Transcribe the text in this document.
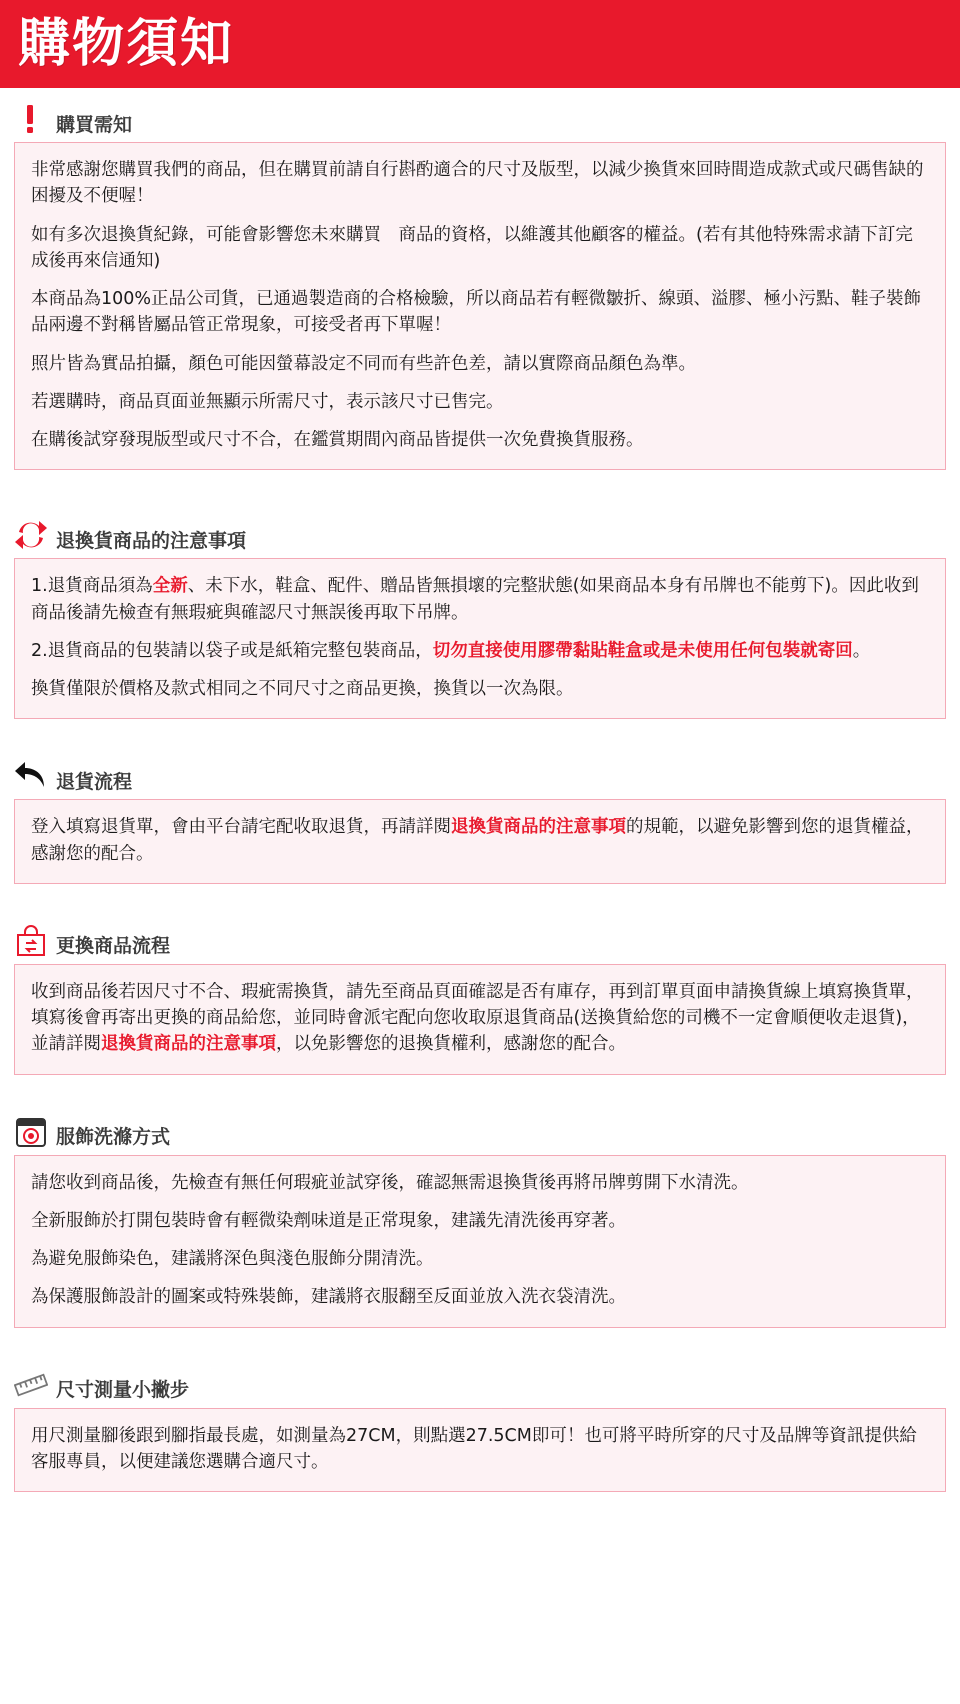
購物須知
購買需知

非常感謝您購買我們的商品，但在購買前請自行斟酌適合的尺寸及版型，以減少換貨來回時間造成款式或尺碼售缺的困擾及不便喔！

如有多次退換貨紀錄，可能會影響您未來購買　商品的資格，以維護其他顧客的權益。(若有其他特殊需求請下訂完成後再來信通知)

本商品為100%正品公司貨，已通過製造商的合格檢驗，所以商品若有輕微皺折、線頭、溢膠、極小污點、鞋子裝飾品兩邊不對稱皆屬品管正常現象，可接受者再下單喔！

照片皆為實品拍攝，顏色可能因螢幕設定不同而有些許色差，請以實際商品顏色為準。

若選購時，商品頁面並無顯示所需尺寸，表示該尺寸已售完。

在購後試穿發現版型或尺寸不合，在鑑賞期間內商品皆提供一次免費換貨服務。

退換貨商品的注意事項

1.退貨商品須為全新、未下水，鞋盒、配件、贈品皆無損壞的完整狀態(如果商品本身有吊牌也不能剪下)。因此收到商品後請先檢查有無瑕疵與確認尺寸無誤後再取下吊牌。

2.退貨商品的包裝請以袋子或是紙箱完整包裝商品，切勿直接使用膠帶黏貼鞋盒或是未使用任何包裝就寄回。

換貨僅限於價格及款式相同之不同尺寸之商品更換，換貨以一次為限。

退貨流程

登入填寫退貨單，會由平台請宅配收取退貨，再請詳閱退換貨商品的注意事項的規範，以避免影響到您的退貨權益，感謝您的配合。

更換商品流程

收到商品後若因尺寸不合、瑕疵需換貨，請先至商品頁面確認是否有庫存，再到訂單頁面申請換貨線上填寫換貨單，填寫後會再寄出更換的商品給您，並同時會派宅配向您收取原退貨商品(送換貨給您的司機不一定會順便收走退貨)，並請詳閱退換貨商品的注意事項，以免影響您的退換貨權利，感謝您的配合。

服飾洗滌方式

請您收到商品後，先檢查有無任何瑕疵並試穿後，確認無需退換貨後再將吊牌剪開下水清洗。

全新服飾於打開包裝時會有輕微染劑味道是正常現象，建議先清洗後再穿著。

為避免服飾染色，建議將深色與淺色服飾分開清洗。

為保護服飾設計的圖案或特殊裝飾，建議將衣服翻至反面並放入洗衣袋清洗。

尺寸測量小撇步

用尺測量腳後跟到腳指最長處，如測量為27CM，則點選27.5CM即可！也可將平時所穿的尺寸及品牌等資訊提供給客服專員，以便建議您選購合適尺寸。
